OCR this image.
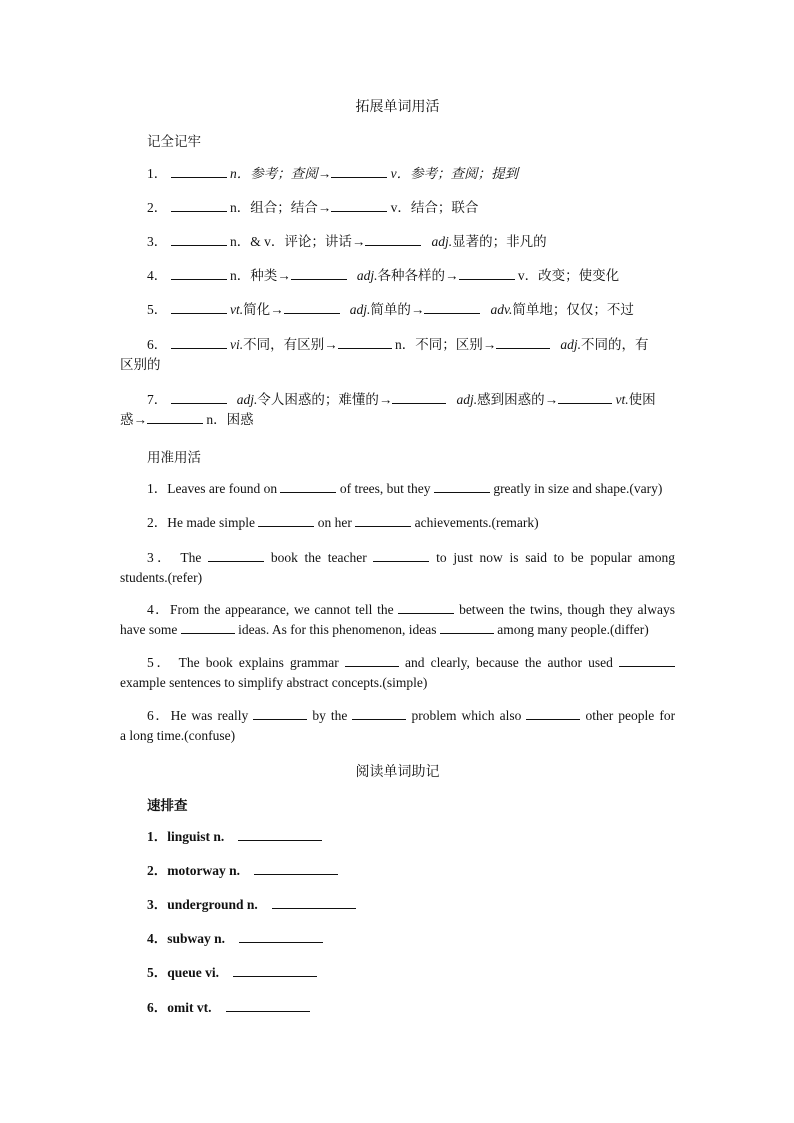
拓展单词用活
记全记牢
1．	n．参考；查阅→	v．参考；查阅；提到
2．	n．组合；结合→	v．结合；联合
3．	n．& v．评论；讲话→	adj.显著的；非凡的
4．	n．种类→	adj.各种各样的→	v．改变；使变化
5．	vt.简化→	adj.简单的→	adv.简单地；仅仅；不过
6．	vi.不同，有区别→	n．不同；区别→	adj.不同的，有
区别的
7．	adj.令人困惑的；难懂的→	adj.感到困惑的→	vt.使困
惑→	n．困惑
用准用活
1．Leaves are found on	of trees, but they	greatly in size and shape.(vary)
2．He made simple	on her	achievements.(remark)
3． The	book the teacher	to just now is said to be popular among
students.(refer)
4．From the appearance, we cannot tell the	between the twins, though they always
have some	ideas. As for this phenomenon, ideas	among many people.(differ)
5． The book explains grammar	and clearly, because the author used
example sentences to simplify abstract concepts.(simple)
6．He was really	by the	problem which also	other people for
a long time.(confuse)
阅读单词助记
速排查
1．linguist n.
2．motorway n.
3．underground n.
4．subway n.
5．queue vi.
6．omit vt.
